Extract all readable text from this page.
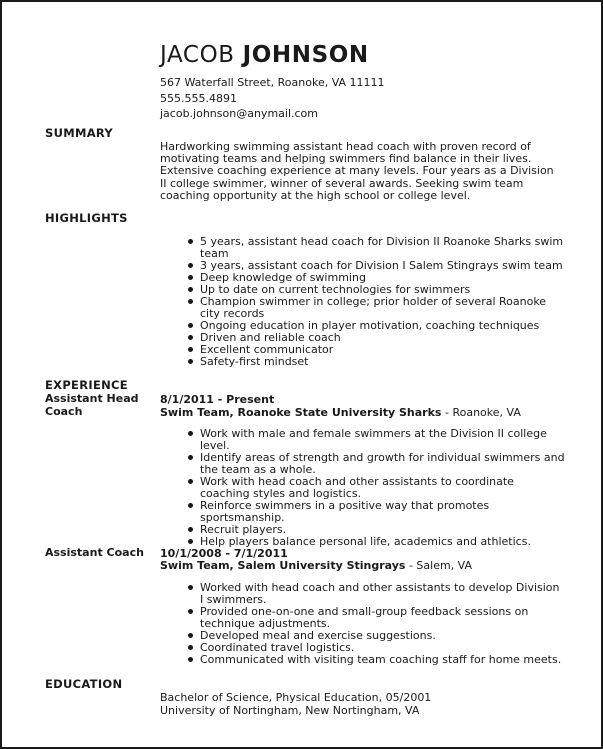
JACOB JOHNSON
567 Waterfall Street, Roanoke, VA 11111
555.555.4891
jacob.johnson@anymail.com
SUMMARY
Hardworking swimming assistant head coach with proven record of motivating teams and helping swimmers find balance in their lives. Extensive coaching experience at many levels. Four years as a Division II college swimmer, winner of several awards. Seeking swim team coaching opportunity at the high school or college level.
HIGHLIGHTS
5 years, assistant head coach for Division II Roanoke Sharks swim team
3 years, assistant coach for Division I Salem Stingrays swim team
Deep knowledge of swimming
Up to date on current technologies for swimmers
Champion swimmer in college; prior holder of several Roanoke city records
Ongoing education in player motivation, coaching techniques
Driven and reliable coach
Excellent communicator
Safety-first mindset
EXPERIENCE
Assistant Head Coach
8/1/2011 - Present
Swim Team, Roanoke State University Sharks - Roanoke, VA
Work with male and female swimmers at the Division II college level.
Identify areas of strength and growth for individual swimmers and the team as a whole.
Work with head coach and other assistants to coordinate coaching styles and logistics.
Reinforce swimmers in a positive way that promotes sportsmanship.
Recruit players.
Help players balance personal life, academics and athletics.
Assistant Coach 10/1/2008 - 7/1/2011
Swim Team, Salem University Stingrays - Salem, VA
Worked with head coach and other assistants to develop Division I swimmers.
Provided one-on-one and small-group feedback sessions on technique adjustments.
Developed meal and exercise suggestions.
Coordinated travel logistics.
Communicated with visiting team coaching staff for home meets.
EDUCATION
Bachelor of Science, Physical Education, 05/2001
University of Nortingham, New Nortingham, VA
